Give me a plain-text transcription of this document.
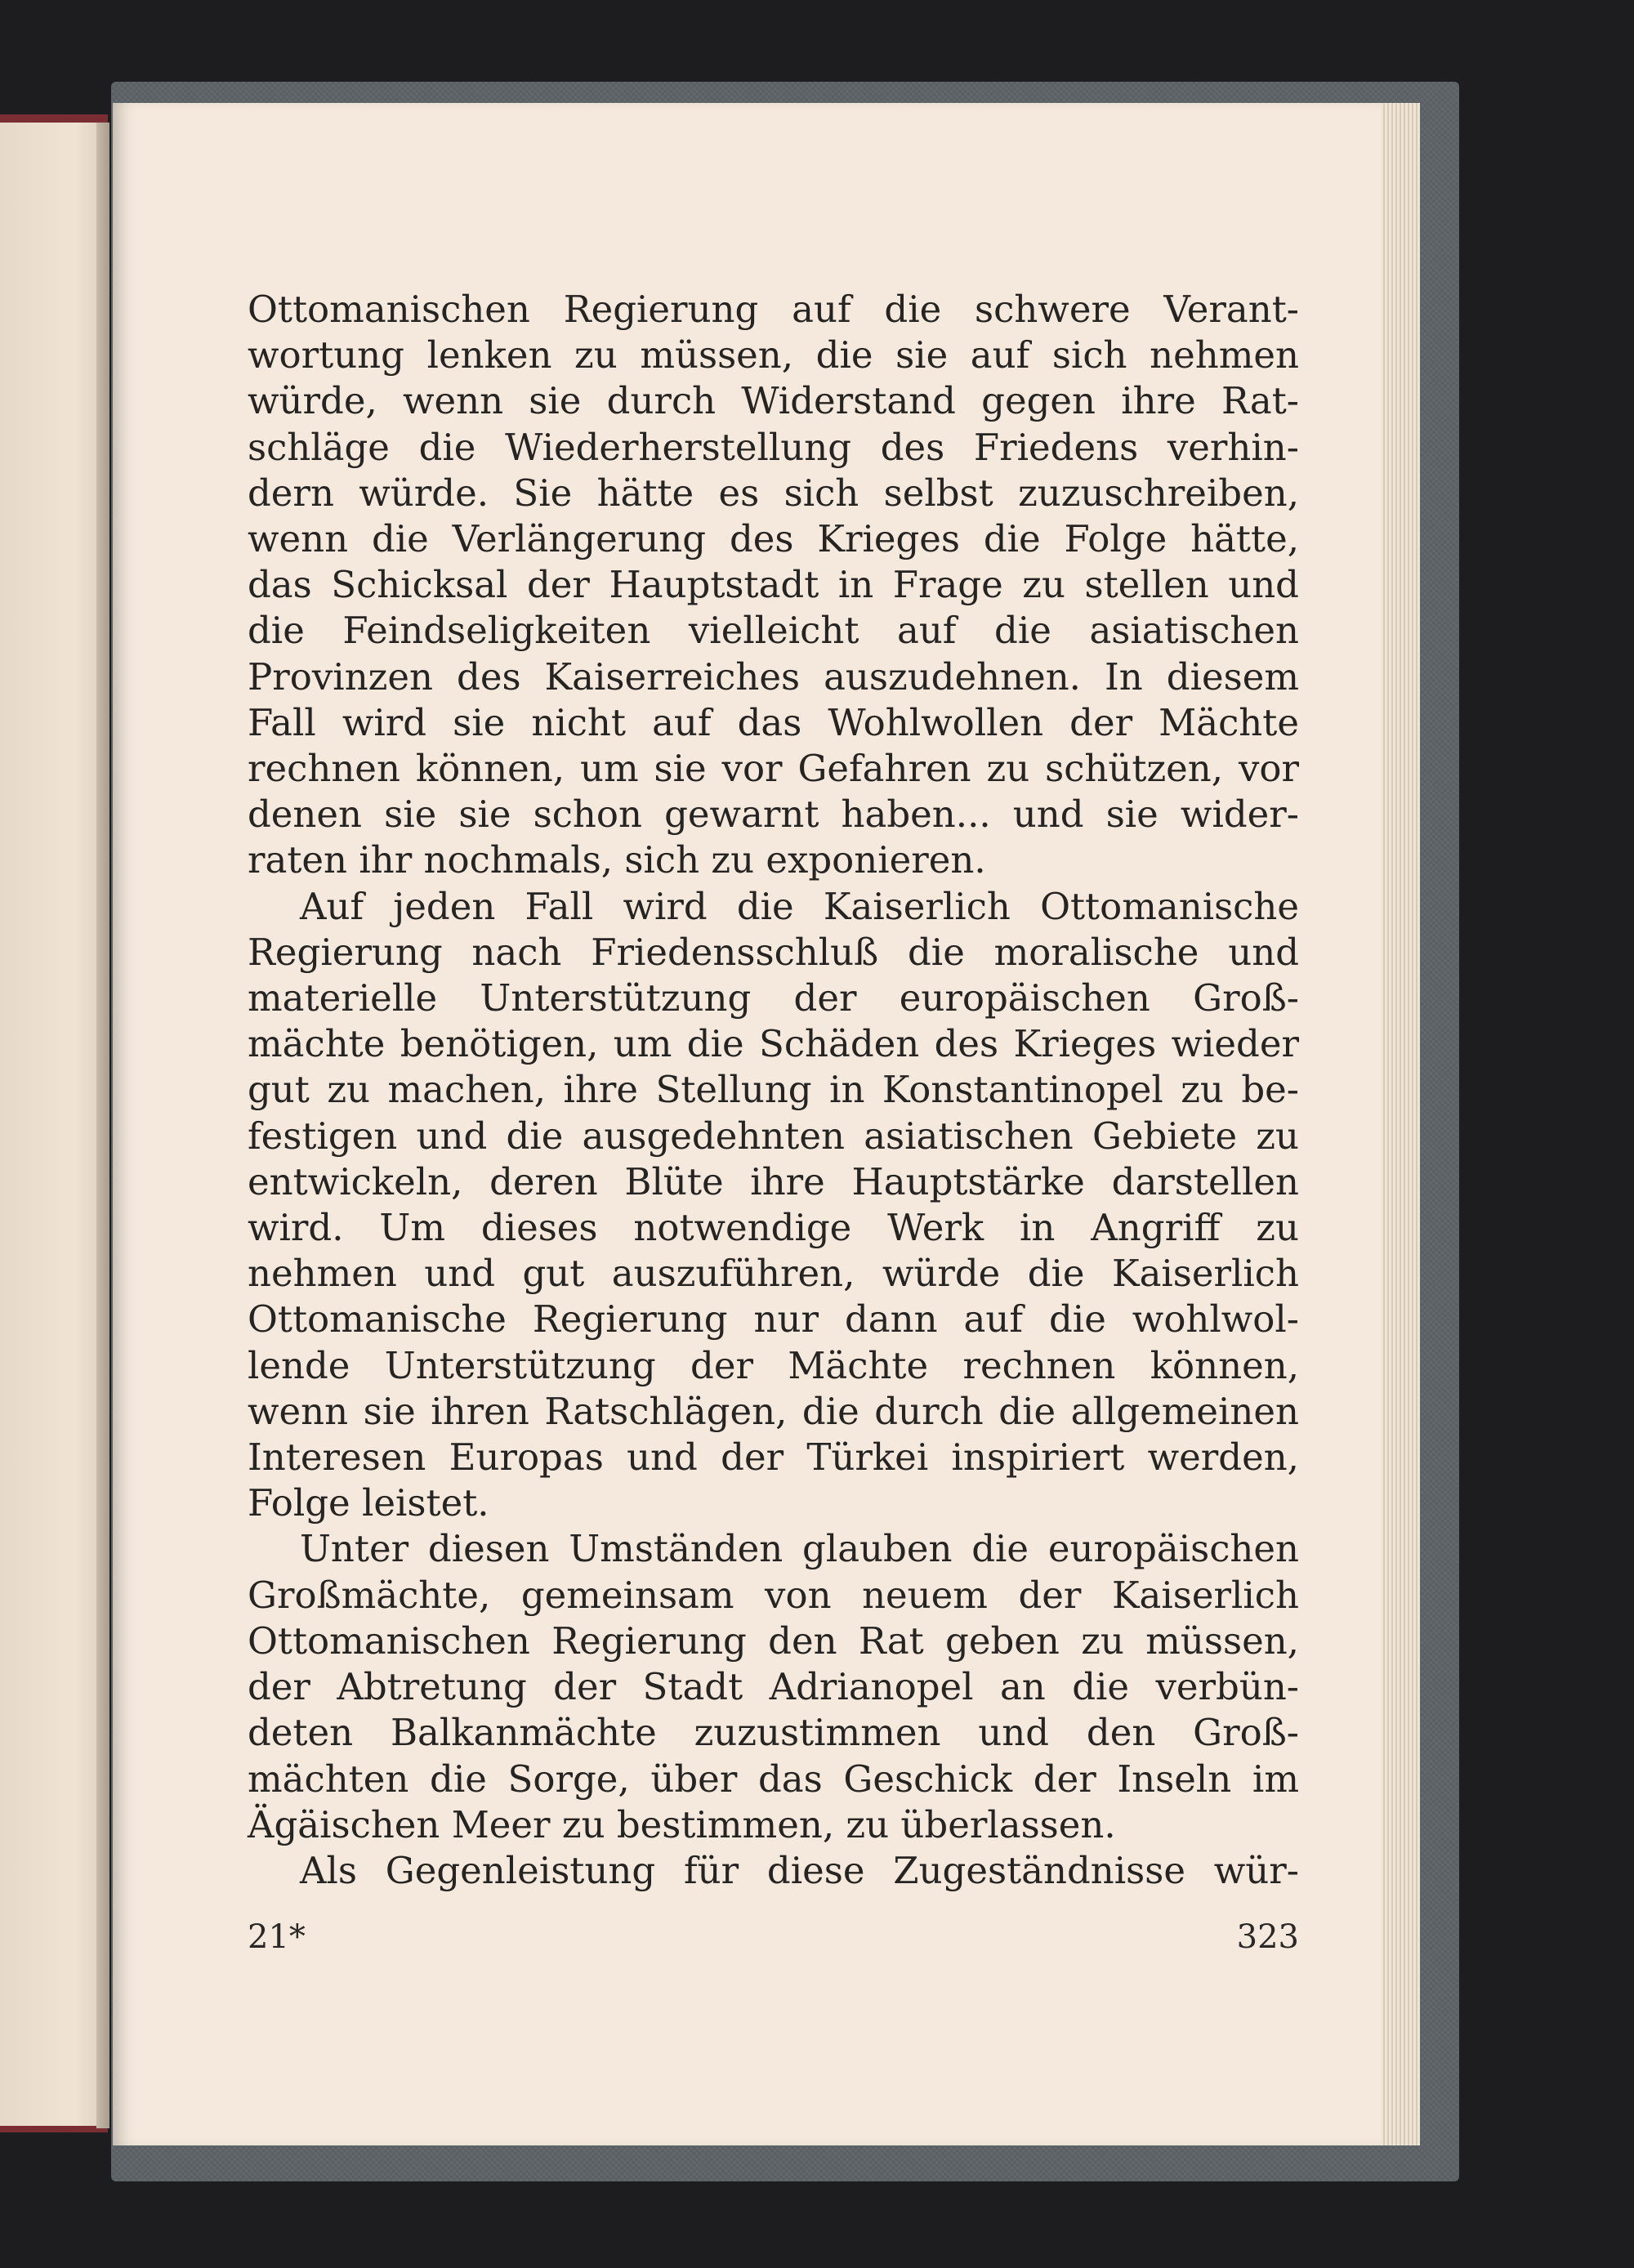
Ottomanischen Regierung auf die schwere Verant-
wortung lenken zu müssen, die sie auf sich nehmen
würde, wenn sie durch Widerstand gegen ihre Rat-
schläge die Wiederherstellung des Friedens verhin-
dern würde. Sie hätte es sich selbst zuzuschreiben,
wenn die Verlängerung des Krieges die Folge hätte,
das Schicksal der Hauptstadt in Frage zu stellen und
die Feindseligkeiten vielleicht auf die asiatischen
Provinzen des Kaiserreiches auszudehnen. In diesem
Fall wird sie nicht auf das Wohlwollen der Mächte
rechnen können, um sie vor Gefahren zu schützen, vor
denen sie sie schon gewarnt haben... und sie wider-
raten ihr nochmals, sich zu exponieren.
Auf jeden Fall wird die Kaiserlich Ottomanische
Regierung nach Friedensschluß die moralische und
materielle Unterstützung der europäischen Groß-
mächte benötigen, um die Schäden des Krieges wieder
gut zu machen, ihre Stellung in Konstantinopel zu be-
festigen und die ausgedehnten asiatischen Gebiete zu
entwickeln, deren Blüte ihre Hauptstärke darstellen
wird. Um dieses notwendige Werk in Angriff zu
nehmen und gut auszuführen, würde die Kaiserlich
Ottomanische Regierung nur dann auf die wohlwol-
lende Unterstützung der Mächte rechnen können,
wenn sie ihren Ratschlägen, die durch die allgemeinen
Interesen Europas und der Türkei inspiriert werden,
Folge leistet.
Unter diesen Umständen glauben die europäischen
Großmächte, gemeinsam von neuem der Kaiserlich
Ottomanischen Regierung den Rat geben zu müssen,
der Abtretung der Stadt Adrianopel an die verbün-
deten Balkanmächte zuzustimmen und den Groß-
mächten die Sorge, über das Geschick der Inseln im
Ägäischen Meer zu bestimmen, zu überlassen.
Als Gegenleistung für diese Zugeständnisse wür-
21*	323
